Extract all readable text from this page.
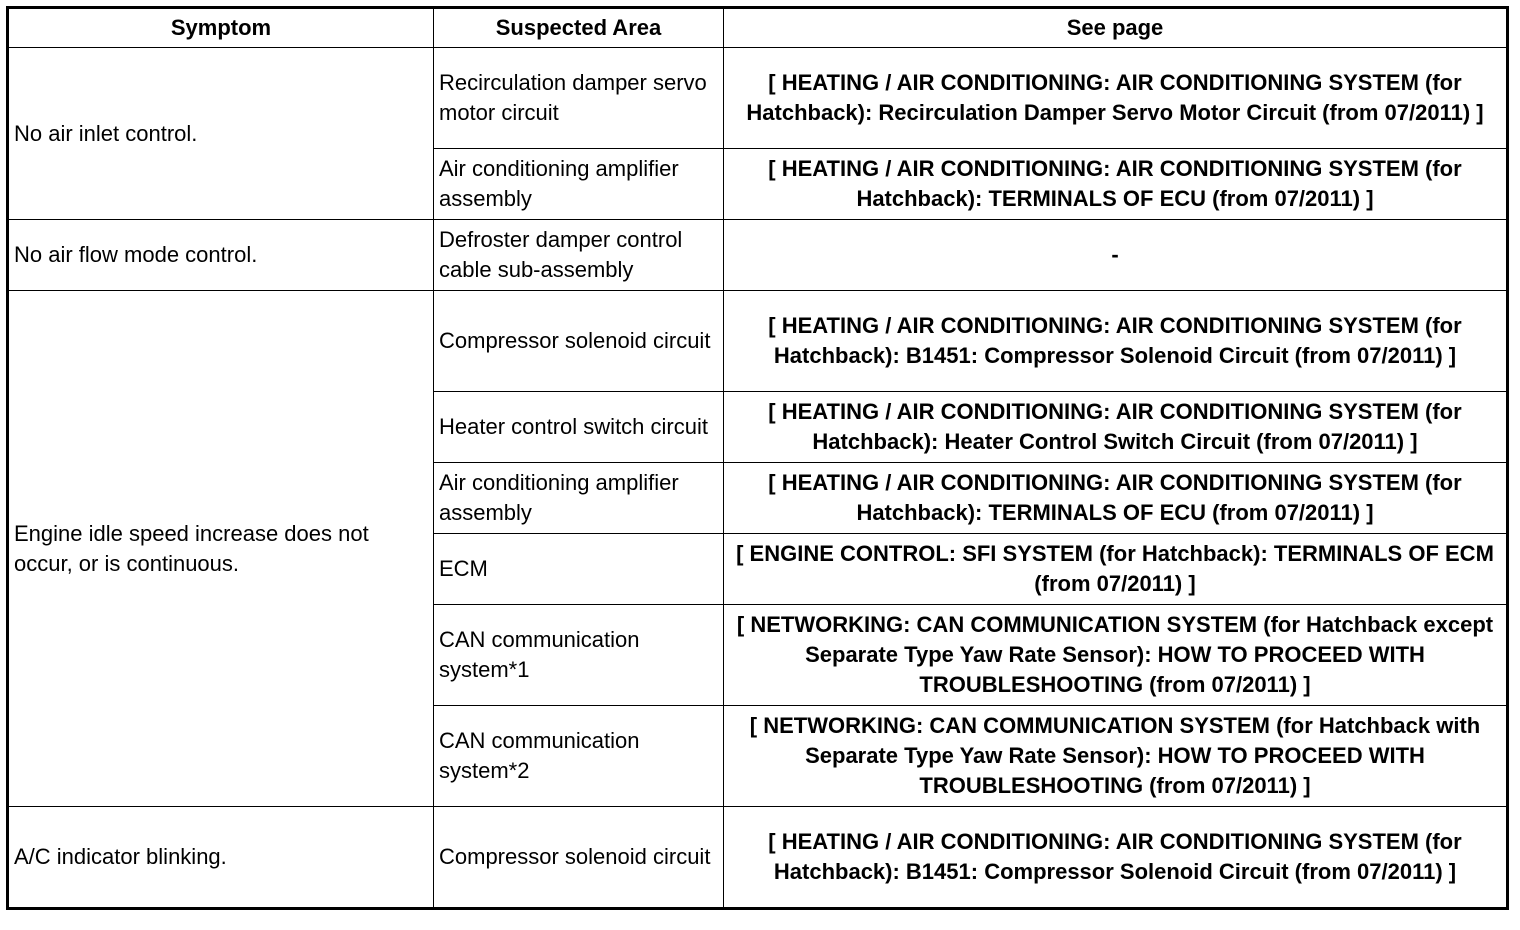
Symptom	Suspected Area	See page
No air inlet control.	Recirculation damper servo motor circuit	[ HEATING / AIR CONDITIONING: AIR CONDITIONING SYSTEM (for Hatchback): Recirculation Damper Servo Motor Circuit (from 07/2011) ]
	Air conditioning amplifier assembly	[ HEATING / AIR CONDITIONING: AIR CONDITIONING SYSTEM (for Hatchback): TERMINALS OF ECU (from 07/2011) ]
No air flow mode control.	Defroster damper control cable sub-assembly	-
Engine idle speed increase does not occur, or is continuous.	Compressor solenoid circuit	[ HEATING / AIR CONDITIONING: AIR CONDITIONING SYSTEM (for Hatchback): B1451: Compressor Solenoid Circuit (from 07/2011) ]
	Heater control switch circuit	[ HEATING / AIR CONDITIONING: AIR CONDITIONING SYSTEM (for Hatchback): Heater Control Switch Circuit (from 07/2011) ]
	Air conditioning amplifier assembly	[ HEATING / AIR CONDITIONING: AIR CONDITIONING SYSTEM (for Hatchback): TERMINALS OF ECU (from 07/2011) ]
	ECM	[ ENGINE CONTROL: SFI SYSTEM (for Hatchback): TERMINALS OF ECM (from 07/2011) ]
	CAN communication system*1	[ NETWORKING: CAN COMMUNICATION SYSTEM (for Hatchback except Separate Type Yaw Rate Sensor): HOW TO PROCEED WITH TROUBLESHOOTING (from 07/2011) ]
	CAN communication system*2	[ NETWORKING: CAN COMMUNICATION SYSTEM (for Hatchback with Separate Type Yaw Rate Sensor): HOW TO PROCEED WITH TROUBLESHOOTING (from 07/2011) ]
A/C indicator blinking.	Compressor solenoid circuit	[ HEATING / AIR CONDITIONING: AIR CONDITIONING SYSTEM (for Hatchback): B1451: Compressor Solenoid Circuit (from 07/2011) ]
